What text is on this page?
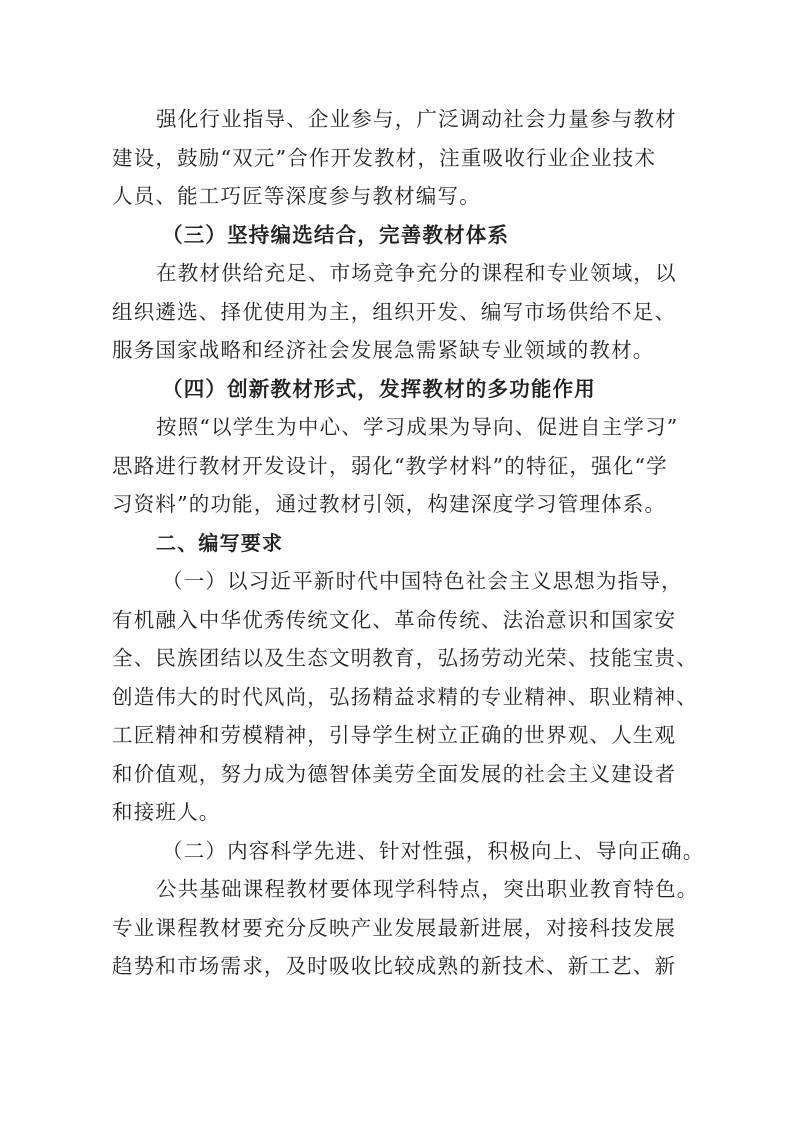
强化行业指导、企业参与，广泛调动社会力量参与教材
建设，鼓励“双元”合作开发教材，注重吸收行业企业技术
人员、能工巧匠等深度参与教材编写。
（三）坚持编选结合，完善教材体系
在教材供给充足、市场竞争充分的课程和专业领域，以
组织遴选、择优使用为主，组织开发、编写市场供给不足、
服务国家战略和经济社会发展急需紧缺专业领域的教材。
（四）创新教材形式，发挥教材的多功能作用
按照“以学生为中心、学习成果为导向、促进自主学习”
思路进行教材开发设计，弱化“教学材料”的特征，强化“学
习资料”的功能，通过教材引领，构建深度学习管理体系。
二、编写要求
（一）以习近平新时代中国特色社会主义思想为指导，
有机融入中华优秀传统文化、革命传统、法治意识和国家安
全、民族团结以及生态文明教育，弘扬劳动光荣、技能宝贵、
创造伟大的时代风尚，弘扬精益求精的专业精神、职业精神、
工匠精神和劳模精神，引导学生树立正确的世界观、人生观
和价值观，努力成为德智体美劳全面发展的社会主义建设者
和接班人。
（二）内容科学先进、针对性强，积极向上、导向正确。
公共基础课程教材要体现学科特点，突出职业教育特色。
专业课程教材要充分反映产业发展最新进展，对接科技发展
趋势和市场需求，及时吸收比较成熟的新技术、新工艺、新
